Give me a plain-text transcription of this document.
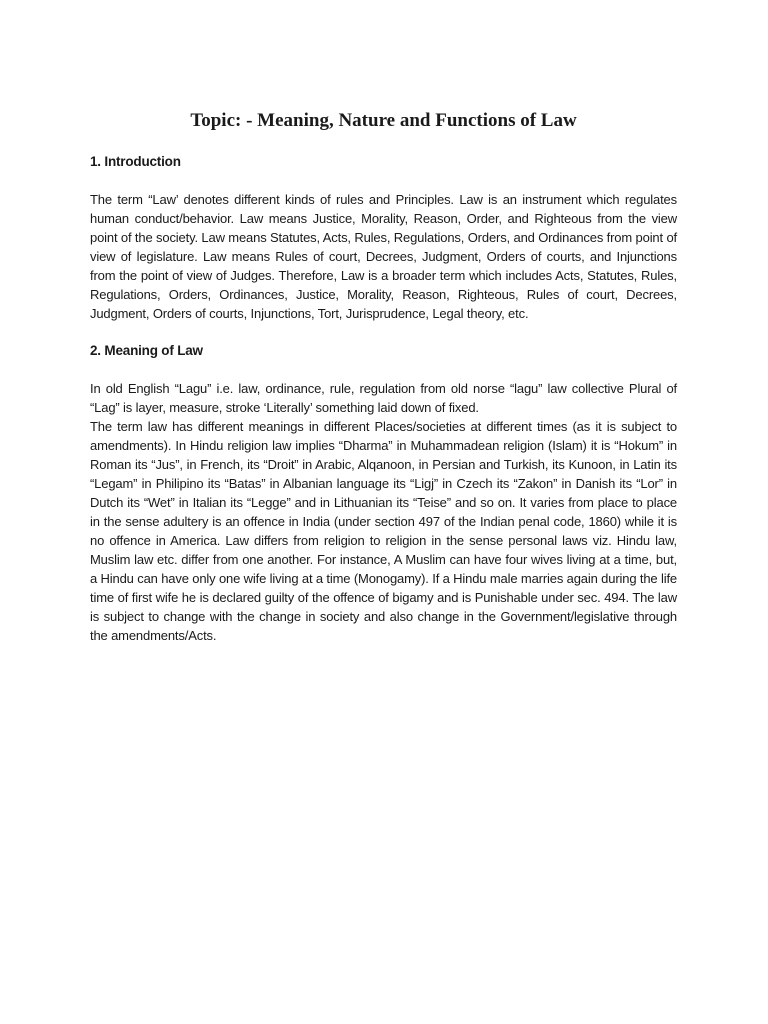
Topic: - Meaning, Nature and Functions of Law
1. Introduction

The term “Law’ denotes different kinds of rules and Principles. Law is an instrument which regulates human conduct/behavior. Law means Justice, Morality, Reason, Order, and Righteous from the view point of the society. Law means Statutes, Acts, Rules, Regulations, Orders, and Ordinances from point of view of legislature. Law means Rules of court, Decrees, Judgment, Orders of courts, and Injunctions from the point of view of Judges. Therefore, Law is a broader term which includes Acts, Statutes, Rules, Regulations, Orders, Ordinances, Justice, Morality, Reason, Righteous, Rules of court, Decrees, Judgment, Orders of courts, Injunctions, Tort, Jurisprudence, Legal theory, etc.

2. Meaning of Law

In old English “Lagu” i.e. law, ordinance, rule, regulation from old norse “lagu” law collective Plural of “Lag” is layer, measure, stroke ‘Literally’ something laid down of fixed.

The term law has different meanings in different Places/societies at different times (as it is subject to amendments). In Hindu religion law implies “Dharma” in Muhammadean religion (Islam) it is “Hokum” in Roman its “Jus”, in French, its “Droit” in Arabic, Alqanoon, in Persian and Turkish, its Kunoon, in Latin its “Legam” in Philipino its “Batas” in Albanian language its “Ligj” in Czech its “Zakon” in Danish its “Lor” in Dutch its “Wet” in Italian its “Legge” and in Lithuanian its “Teise” and so on. It varies from place to place in the sense adultery is an offence in India (under section 497 of the Indian penal code, 1860) while it is no offence in America. Law differs from religion to religion in the sense personal laws viz. Hindu law, Muslim law etc. differ from one another. For instance, A Muslim can have four wives living at a time, but, a Hindu can have only one wife living at a time (Monogamy). If a Hindu male marries again during the life time of first wife he is declared guilty of the offence of bigamy and is Punishable under sec. 494. The law is subject to change with the change in society and also change in the Government/legislative through the amendments/Acts.
